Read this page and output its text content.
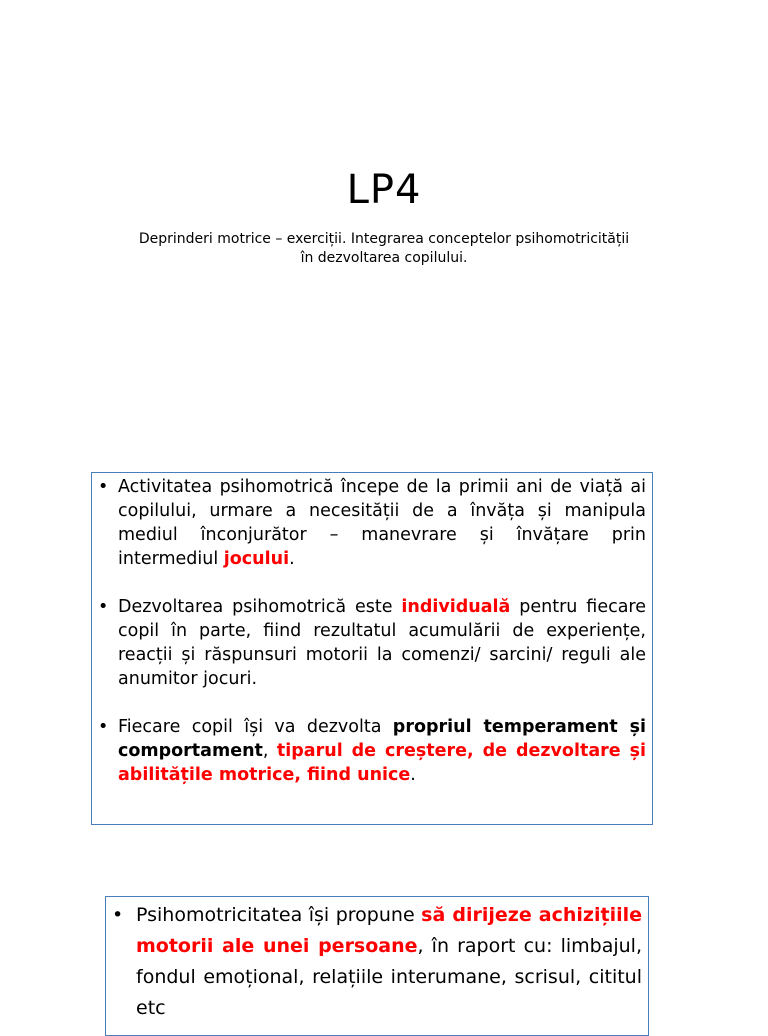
LP4
Deprinderi motrice – exerciții. Integrarea conceptelor psihomotricității
în dezvoltarea copilului.
• Activitatea psihomotrică începe de la primii ani de viață ai copilului, urmare a necesității de a învăța și manipula mediul înconjurător – manevrare și învățare prin intermediul jocului.
• Dezvoltarea psihomotrică este individuală pentru fiecare copil în parte, fiind rezultatul acumulării de experiențe, reacții și răspunsuri motorii la comenzi/ sarcini/ reguli ale anumitor jocuri.
• Fiecare copil își va dezvolta propriul temperament și comportament, tiparul de creștere, de dezvoltare și abilitățile motrice, fiind unice.
• Psihomotricitatea își propune să dirijeze achizițiile motorii ale unei persoane, în raport cu: limbajul, fondul emoțional, relațiile interumane, scrisul, cititul etc
